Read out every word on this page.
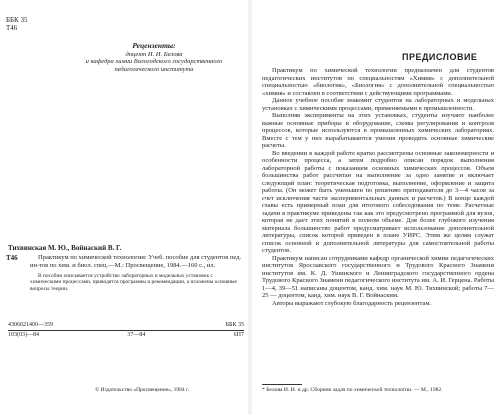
ББК 35
Т46
Рецензенты:
доцент И. И. Белова
и кафедра химии Вологодского государственного
педагогического института
Тихвинская М. Ю., Войнаский В. Г.
Т46	Практикум по химической технологии: Учеб. пособие для студентов пед. ин-тов по хим. и биол. спец.—М.: Просвещение, 1984.—160 с., ил.
В пособии описывается устройство лабораторных и модельных установок с химическими процессами, приводятся программы и рекомендации, а изложены основные вопросы теории.
4306021400—359	ББК 35
103(03)—84	37—84	6П7
© Издательство «Просвещение», 1984 г.
ПРЕДИСЛОВИЕ

Практикум по химической технологии предназначен для студентов педагогических институтов по специальностям «Химия» с дополнительной специальностью «биология», «Биология» с дополнительной специальностью «химия» и составлен в соответствии с действующими программами.

Данное учебное пособие знакомит студентов на лабораторных и модельных установках с химическими процессами, применяемыми в промышленности.

Выполняя эксперименты на этих установках, студенты изучают наиболее важные основные приборы и оборудование, схемы регулирования и контроля процессов, которые используются в промышленных химических лабораториях. Вместе с тем у них вырабатываются умения проводить основные химические расчеты.

Во введении в каждой работе кратко рассмотрены основные закономерности и особенности процесса, а затем подробно описан порядок выполнения лабораторной работы с показанием основных химических процессов. Объем большинства работ рассчитан на выполнение за одно занятие и включает следующий план: теоретическая подготовка, выполнение, оформление и защита работы. (Он может быть уменьшен по решению преподавателя до 3—4 часов за счет исключения части экспериментальных данных и расчетов.) В конце каждой главы есть примерный план для итогового собеседования по теме. Расчетные задачи в практикуме приведены так как это предусмотрено программой для вузов, которая не дает этих понятий в полном объеме. Для более глубокого изучения материала большинство работ предусматривает использование дополнительной литературы, список которой приведен в плане УИРС. Этим же целям служат список основной и дополнительной литературы для самостоятельной работы студентов.

Практикум написан сотрудниками кафедр органической химии педагогических институтов Ярославского государственного и Трудового Красного Знамени институтов им. К. Д. Ушинского и Ленинградского государственного ордена Трудового Красного Знамени педагогического института им. А. И. Герцена. Работы 1—4, 39—51 написаны доцентом, канд. хим. наук М. Ю. Тихвинской; работы 7—25 — доцентом, канд. хим. наук В. Г. Войнаским.

Авторы выражают глубокую благодарность рецензентам.

* Белова И. И. и др. Сборник задач по химической технологии. — М., 1982.
